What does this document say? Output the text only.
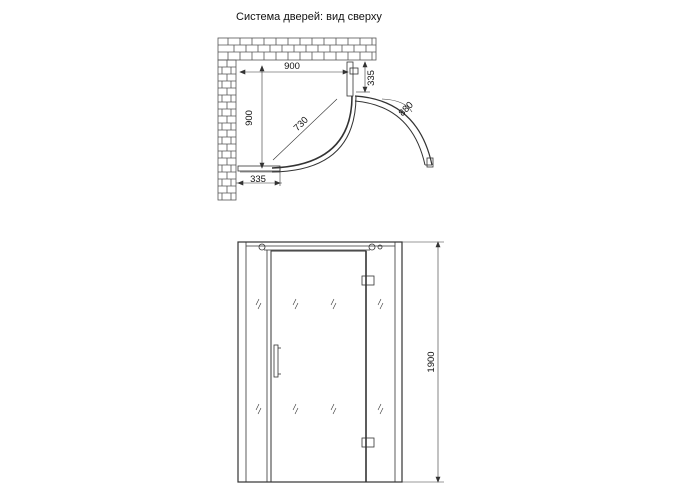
Система дверей: вид сверху
900
900
335
335
730
880
1900
